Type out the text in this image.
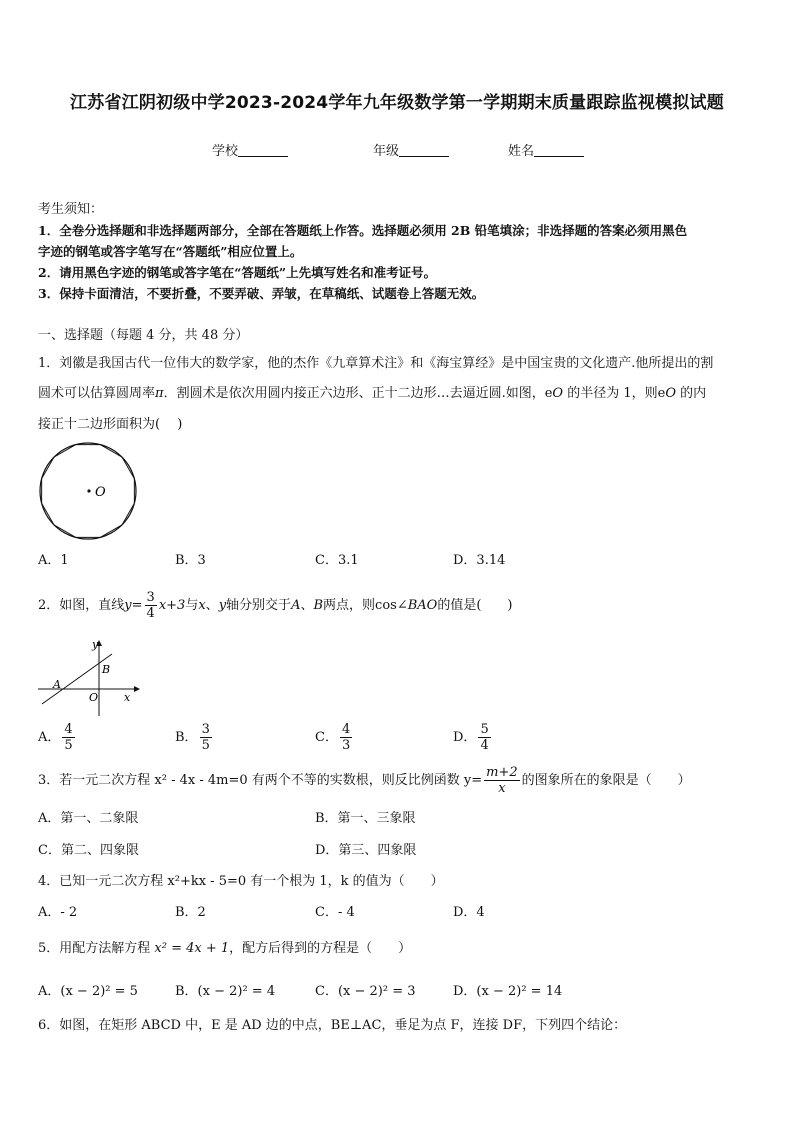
江苏省江阴初级中学2023-2024学年九年级数学第一学期期末质量跟踪监视模拟试题
学校	年级	姓名
考生须知：
1．全卷分选择题和非选择题两部分，全部在答题纸上作答。选择题必须用 2B 铅笔填涂；非选择题的答案必须用黑色
字迹的钢笔或答字笔写在“答题纸”相应位置上。
2．请用黑色字迹的钢笔或答字笔在“答题纸”上先填写姓名和准考证号。
3．保持卡面清洁，不要折叠，不要弄破、弄皱，在草稿纸、试题卷上答题无效。
一、选择题（每题 4 分，共 48 分）
1．刘徽是我国古代一位伟大的数学家，他的杰作《九章算术注》和《海宝算经》是中国宝贵的文化遗产.他所提出的割
圆术可以估算圆周率π．割圆术是依次用圆内接正六边形、正十二边形…去逼近圆.如图，eO 的半径为 1，则eO 的内
接正十二边形面积为(　 )
O
A．1	B．3	C．3.1	D．3.14
2．如图，直线$y= \frac{3}{4} x+3$与x、y轴分别交于A、B两点，则cos∠BAO的值是(　　)
y
B
A
O x
A． $\frac{4}{5}$	B． $\frac{3}{5}$	C． $\frac{4}{3}$	D． $\frac{5}{4}$
3．若一元二次方程 x² - 4x - 4m=0 有两个不等的实数根，则反比例函数 $y= \frac{m+2}{x}$ 的图象所在的象限是（　　）
A．第一、二象限	B．第一、三象限
C．第二、四象限	D．第三、四象限
4．已知一元二次方程 x²+kx - 5=0 有一个根为 1，k 的值为（　　）
A．- 2	B．2	C．- 4	D．4
5．用配方法解方程 x² = 4x + 1，配方后得到的方程是（　　）
A．(x − 2)² = 5	B．(x − 2)² = 4	C．(x − 2)² = 3	D．(x − 2)² = 14
6．如图，在矩形 ABCD 中，E 是 AD 边的中点，BE⊥AC，垂足为点 F，连接 DF，下列四个结论：
